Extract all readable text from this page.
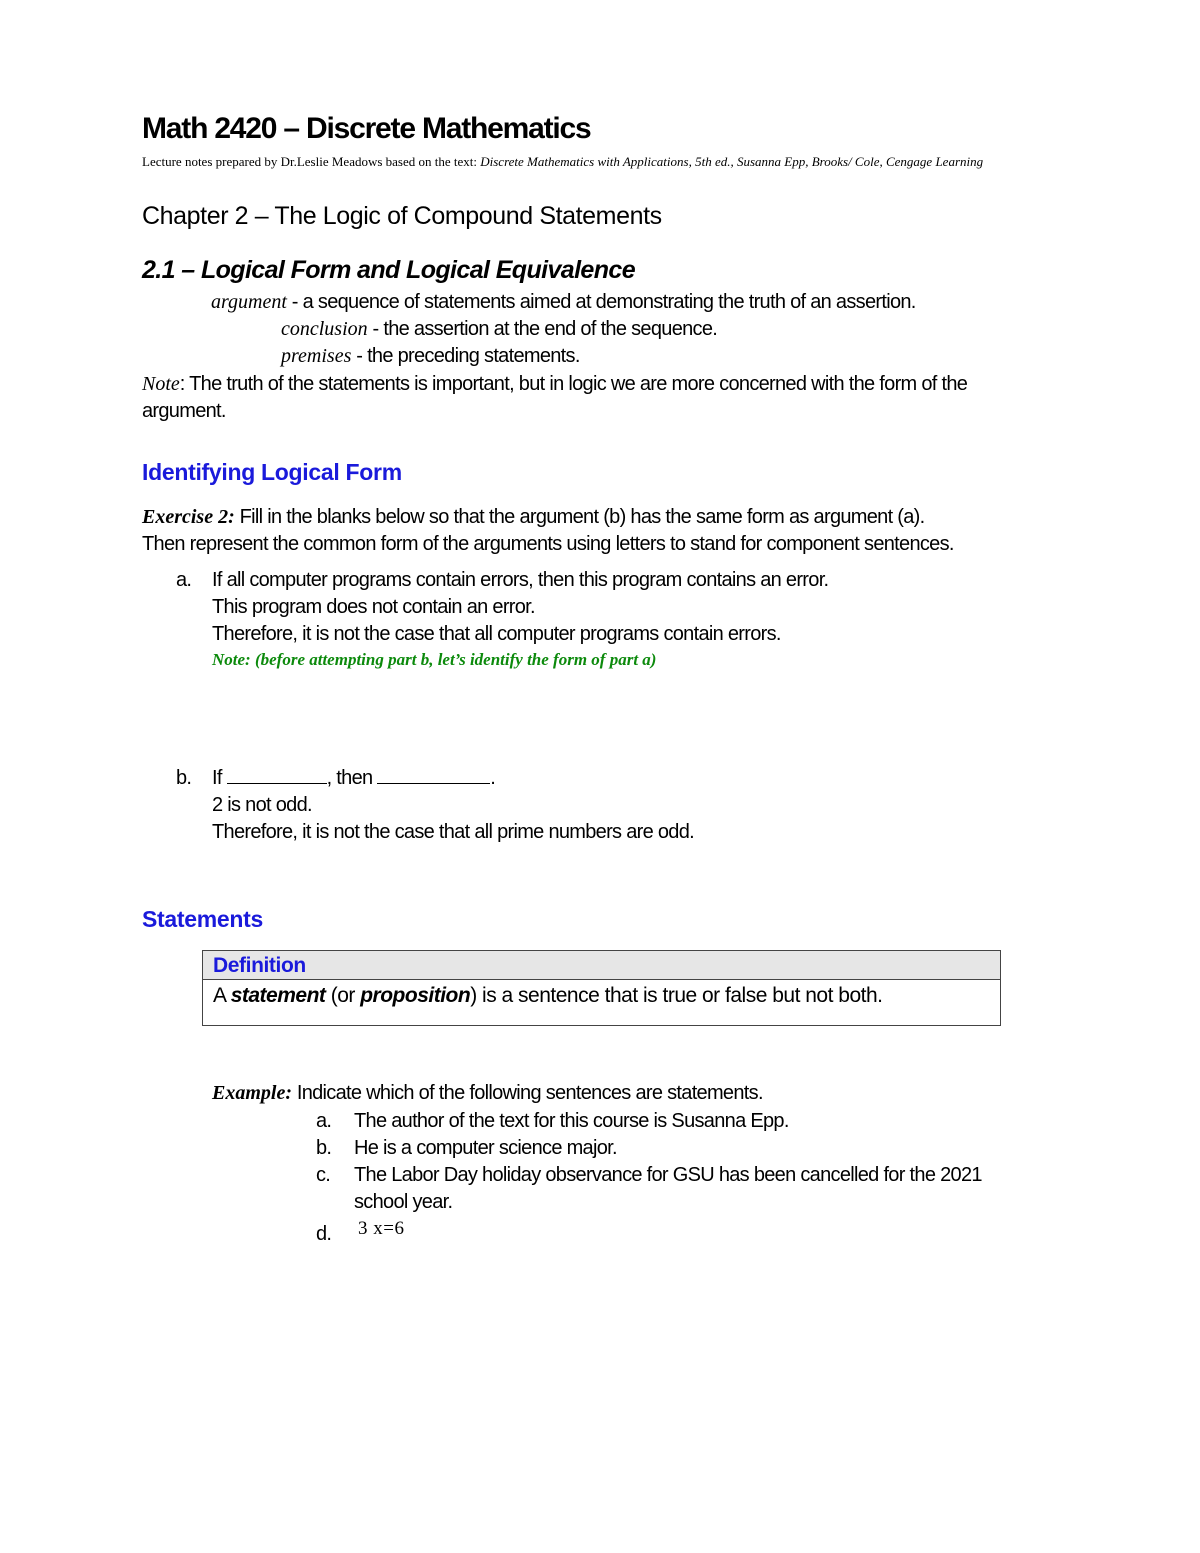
Math 2420 – Discrete Mathematics
Lecture notes prepared by Dr.Leslie Meadows based on the text: Discrete Mathematics with Applications, 5th ed., Susanna Epp, Brooks/ Cole, Cengage Learning
Chapter 2 – The Logic of Compound Statements
2.1 – Logical Form and Logical Equivalence
argument - a sequence of statements aimed at demonstrating the truth of an assertion.
conclusion - the assertion at the end of the sequence.
premises - the preceding statements.
Note: The truth of the statements is important, but in logic we are more concerned with the form of the
argument.
Identifying Logical Form
Exercise 2: Fill in the blanks below so that the argument (b) has the same form as argument (a).
Then represent the common form of the arguments using letters to stand for component sentences.
a. If all computer programs contain errors, then this program contains an error.
This program does not contain an error.
Therefore, it is not the case that all computer programs contain errors.
Note: (before attempting part b, let’s identify the form of part a)
b. If	, then	.
2 is not odd.
Therefore, it is not the case that all prime numbers are odd.
Statements
Definition
A statement (or proposition) is a sentence that is true or false but not both.
Example: Indicate which of the following sentences are statements.
a. The author of the text for this course is Susanna Epp.
b. He is a computer science major.
c. The Labor Day holiday observance for GSU has been cancelled for the 2021
school year.
d. 3 x=6
